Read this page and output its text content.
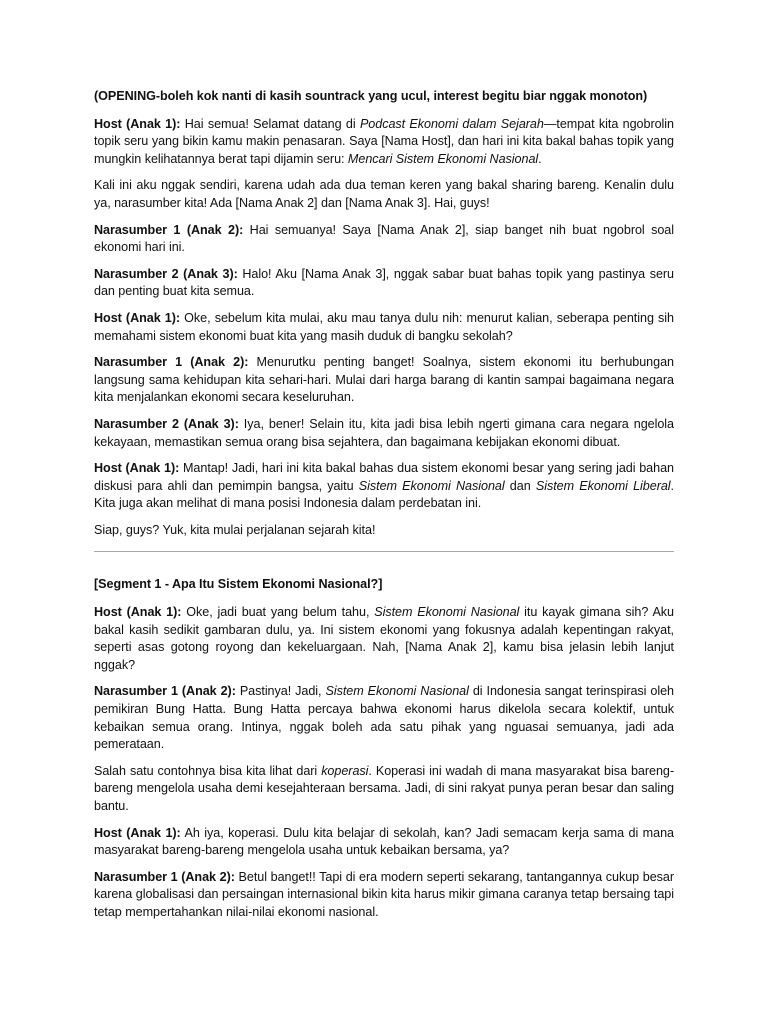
(OPENING-boleh kok nanti di kasih sountrack yang ucul, interest begitu biar nggak monoton)

Host (Anak 1): Hai semua! Selamat datang di Podcast Ekonomi dalam Sejarah—tempat kita ngobrolin topik seru yang bikin kamu makin penasaran. Saya [Nama Host], dan hari ini kita bakal bahas topik yang mungkin kelihatannya berat tapi dijamin seru: Mencari Sistem Ekonomi Nasional.

Kali ini aku nggak sendiri, karena udah ada dua teman keren yang bakal sharing bareng. Kenalin dulu ya, narasumber kita! Ada [Nama Anak 2] dan [Nama Anak 3]. Hai, guys!

Narasumber 1 (Anak 2): Hai semuanya! Saya [Nama Anak 2], siap banget nih buat ngobrol soal ekonomi hari ini.

Narasumber 2 (Anak 3): Halo! Aku [Nama Anak 3], nggak sabar buat bahas topik yang pastinya seru dan penting buat kita semua.

Host (Anak 1): Oke, sebelum kita mulai, aku mau tanya dulu nih: menurut kalian, seberapa penting sih memahami sistem ekonomi buat kita yang masih duduk di bangku sekolah?

Narasumber 1 (Anak 2): Menurutku penting banget! Soalnya, sistem ekonomi itu berhubungan langsung sama kehidupan kita sehari-hari. Mulai dari harga barang di kantin sampai bagaimana negara kita menjalankan ekonomi secara keseluruhan.

Narasumber 2 (Anak 3): Iya, bener! Selain itu, kita jadi bisa lebih ngerti gimana cara negara ngelola kekayaan, memastikan semua orang bisa sejahtera, dan bagaimana kebijakan ekonomi dibuat.

Host (Anak 1): Mantap! Jadi, hari ini kita bakal bahas dua sistem ekonomi besar yang sering jadi bahan diskusi para ahli dan pemimpin bangsa, yaitu Sistem Ekonomi Nasional dan Sistem Ekonomi Liberal. Kita juga akan melihat di mana posisi Indonesia dalam perdebatan ini.

Siap, guys? Yuk, kita mulai perjalanan sejarah kita!

[Segment 1 - Apa Itu Sistem Ekonomi Nasional?]

Host (Anak 1): Oke, jadi buat yang belum tahu, Sistem Ekonomi Nasional itu kayak gimana sih? Aku bakal kasih sedikit gambaran dulu, ya. Ini sistem ekonomi yang fokusnya adalah kepentingan rakyat, seperti asas gotong royong dan kekeluargaan. Nah, [Nama Anak 2], kamu bisa jelasin lebih lanjut nggak?

Narasumber 1 (Anak 2): Pastinya! Jadi, Sistem Ekonomi Nasional di Indonesia sangat terinspirasi oleh pemikiran Bung Hatta. Bung Hatta percaya bahwa ekonomi harus dikelola secara kolektif, untuk kebaikan semua orang. Intinya, nggak boleh ada satu pihak yang nguasai semuanya, jadi ada pemerataan.

Salah satu contohnya bisa kita lihat dari koperasi. Koperasi ini wadah di mana masyarakat bisa bareng-bareng mengelola usaha demi kesejahteraan bersama. Jadi, di sini rakyat punya peran besar dan saling bantu.

Host (Anak 1): Ah iya, koperasi. Dulu kita belajar di sekolah, kan? Jadi semacam kerja sama di mana masyarakat bareng-bareng mengelola usaha untuk kebaikan bersama, ya?

Narasumber 1 (Anak 2): Betul banget!! Tapi di era modern seperti sekarang, tantangannya cukup besar karena globalisasi dan persaingan internasional bikin kita harus mikir gimana caranya tetap bersaing tapi tetap mempertahankan nilai-nilai ekonomi nasional.
